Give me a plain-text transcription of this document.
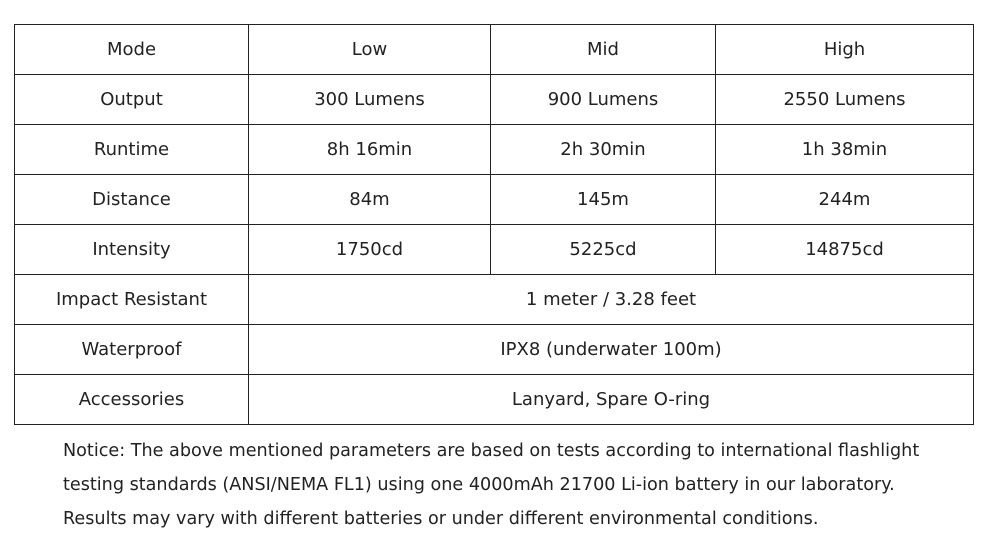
Mode	Low	Mid	High
Output	300 Lumens	900 Lumens	2550 Lumens
Runtime	8h 16min	2h 30min	1h 38min
Distance	84m	145m	244m
Intensity	1750cd	5225cd	14875cd
Impact Resistant	1 meter / 3.28 feet		
Waterproof	IPX8 (underwater 100m)		
Accessories	Lanyard, Spare O-ring		
Notice: The above mentioned parameters are based on tests according to international flashlight
testing standards (ANSI/NEMA FL1) using one 4000mAh 21700 Li-ion battery in our laboratory.
Results may vary with different batteries or under different environmental conditions.
